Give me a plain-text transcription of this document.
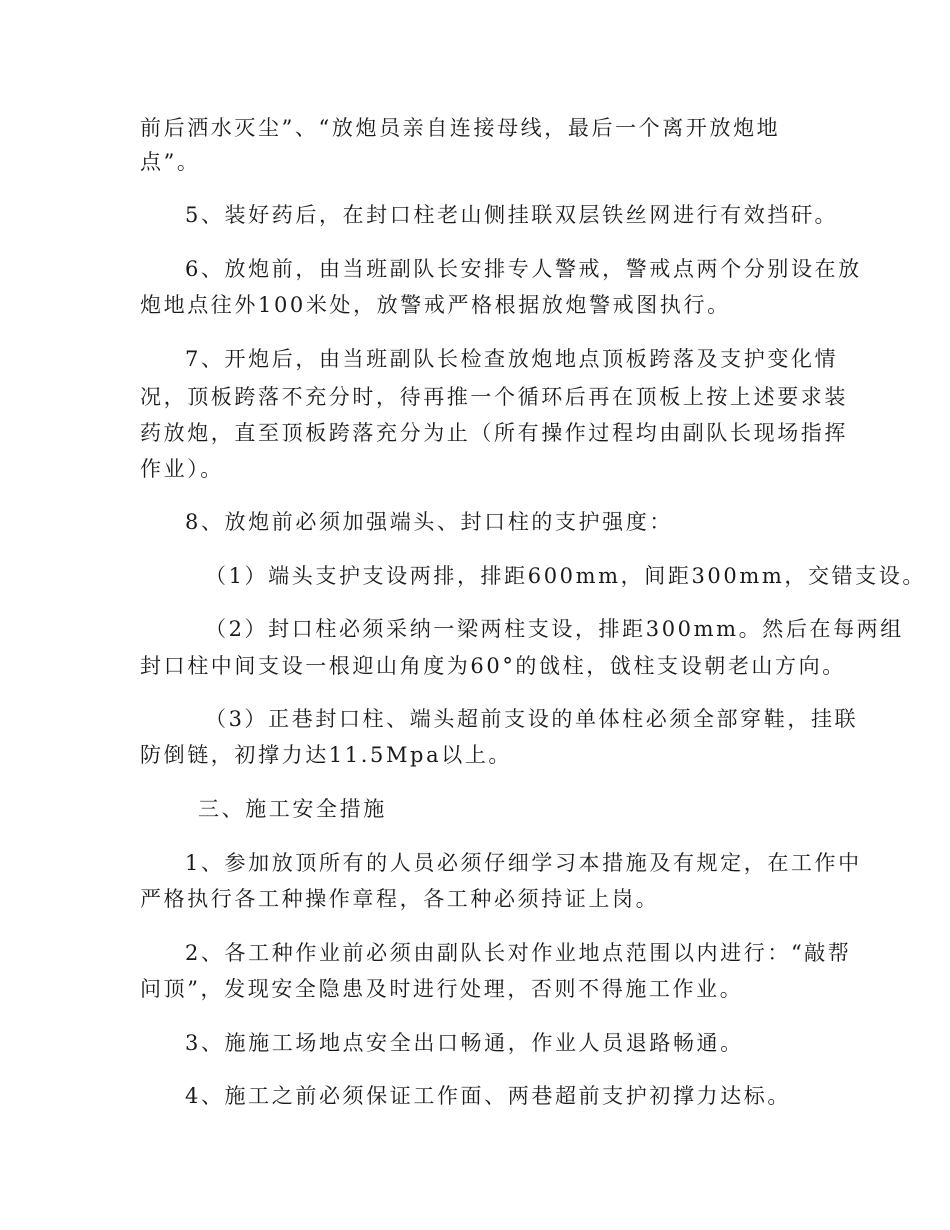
前后洒水灭尘”、“放炮员亲自连接母线，最后一个离开放炮地
点”。
5、装好药后，在封口柱老山侧挂联双层铁丝网进行有效挡矸。
6、放炮前，由当班副队长安排专人警戒，警戒点两个分别设在放
炮地点往外100米处，放警戒严格根据放炮警戒图执行。
7、开炮后，由当班副队长检查放炮地点顶板跨落及支护变化情
况，顶板跨落不充分时，待再推一个循环后再在顶板上按上述要求装
药放炮，直至顶板跨落充分为止（所有操作过程均由副队长现场指挥
作业）。
8、放炮前必须加强端头、封口柱的支护强度：
（1）端头支护支设两排，排距600mm，间距300mm，交错支设。
（2）封口柱必须采纳一梁两柱支设，排距300mm。然后在每两组
封口柱中间支设一根迎山角度为60°的戗柱，戗柱支设朝老山方向。
（3）正巷封口柱、端头超前支设的单体柱必须全部穿鞋，挂联
防倒链，初撑力达11.5Mpa以上。
三、施工安全措施
1、参加放顶所有的人员必须仔细学习本措施及有规定，在工作中
严格执行各工种操作章程，各工种必须持证上岗。
2、各工种作业前必须由副队长对作业地点范围以内进行：“敲帮
问顶”，发现安全隐患及时进行处理，否则不得施工作业。
3、施施工场地点安全出口畅通，作业人员退路畅通。
4、施工之前必须保证工作面、两巷超前支护初撑力达标。
